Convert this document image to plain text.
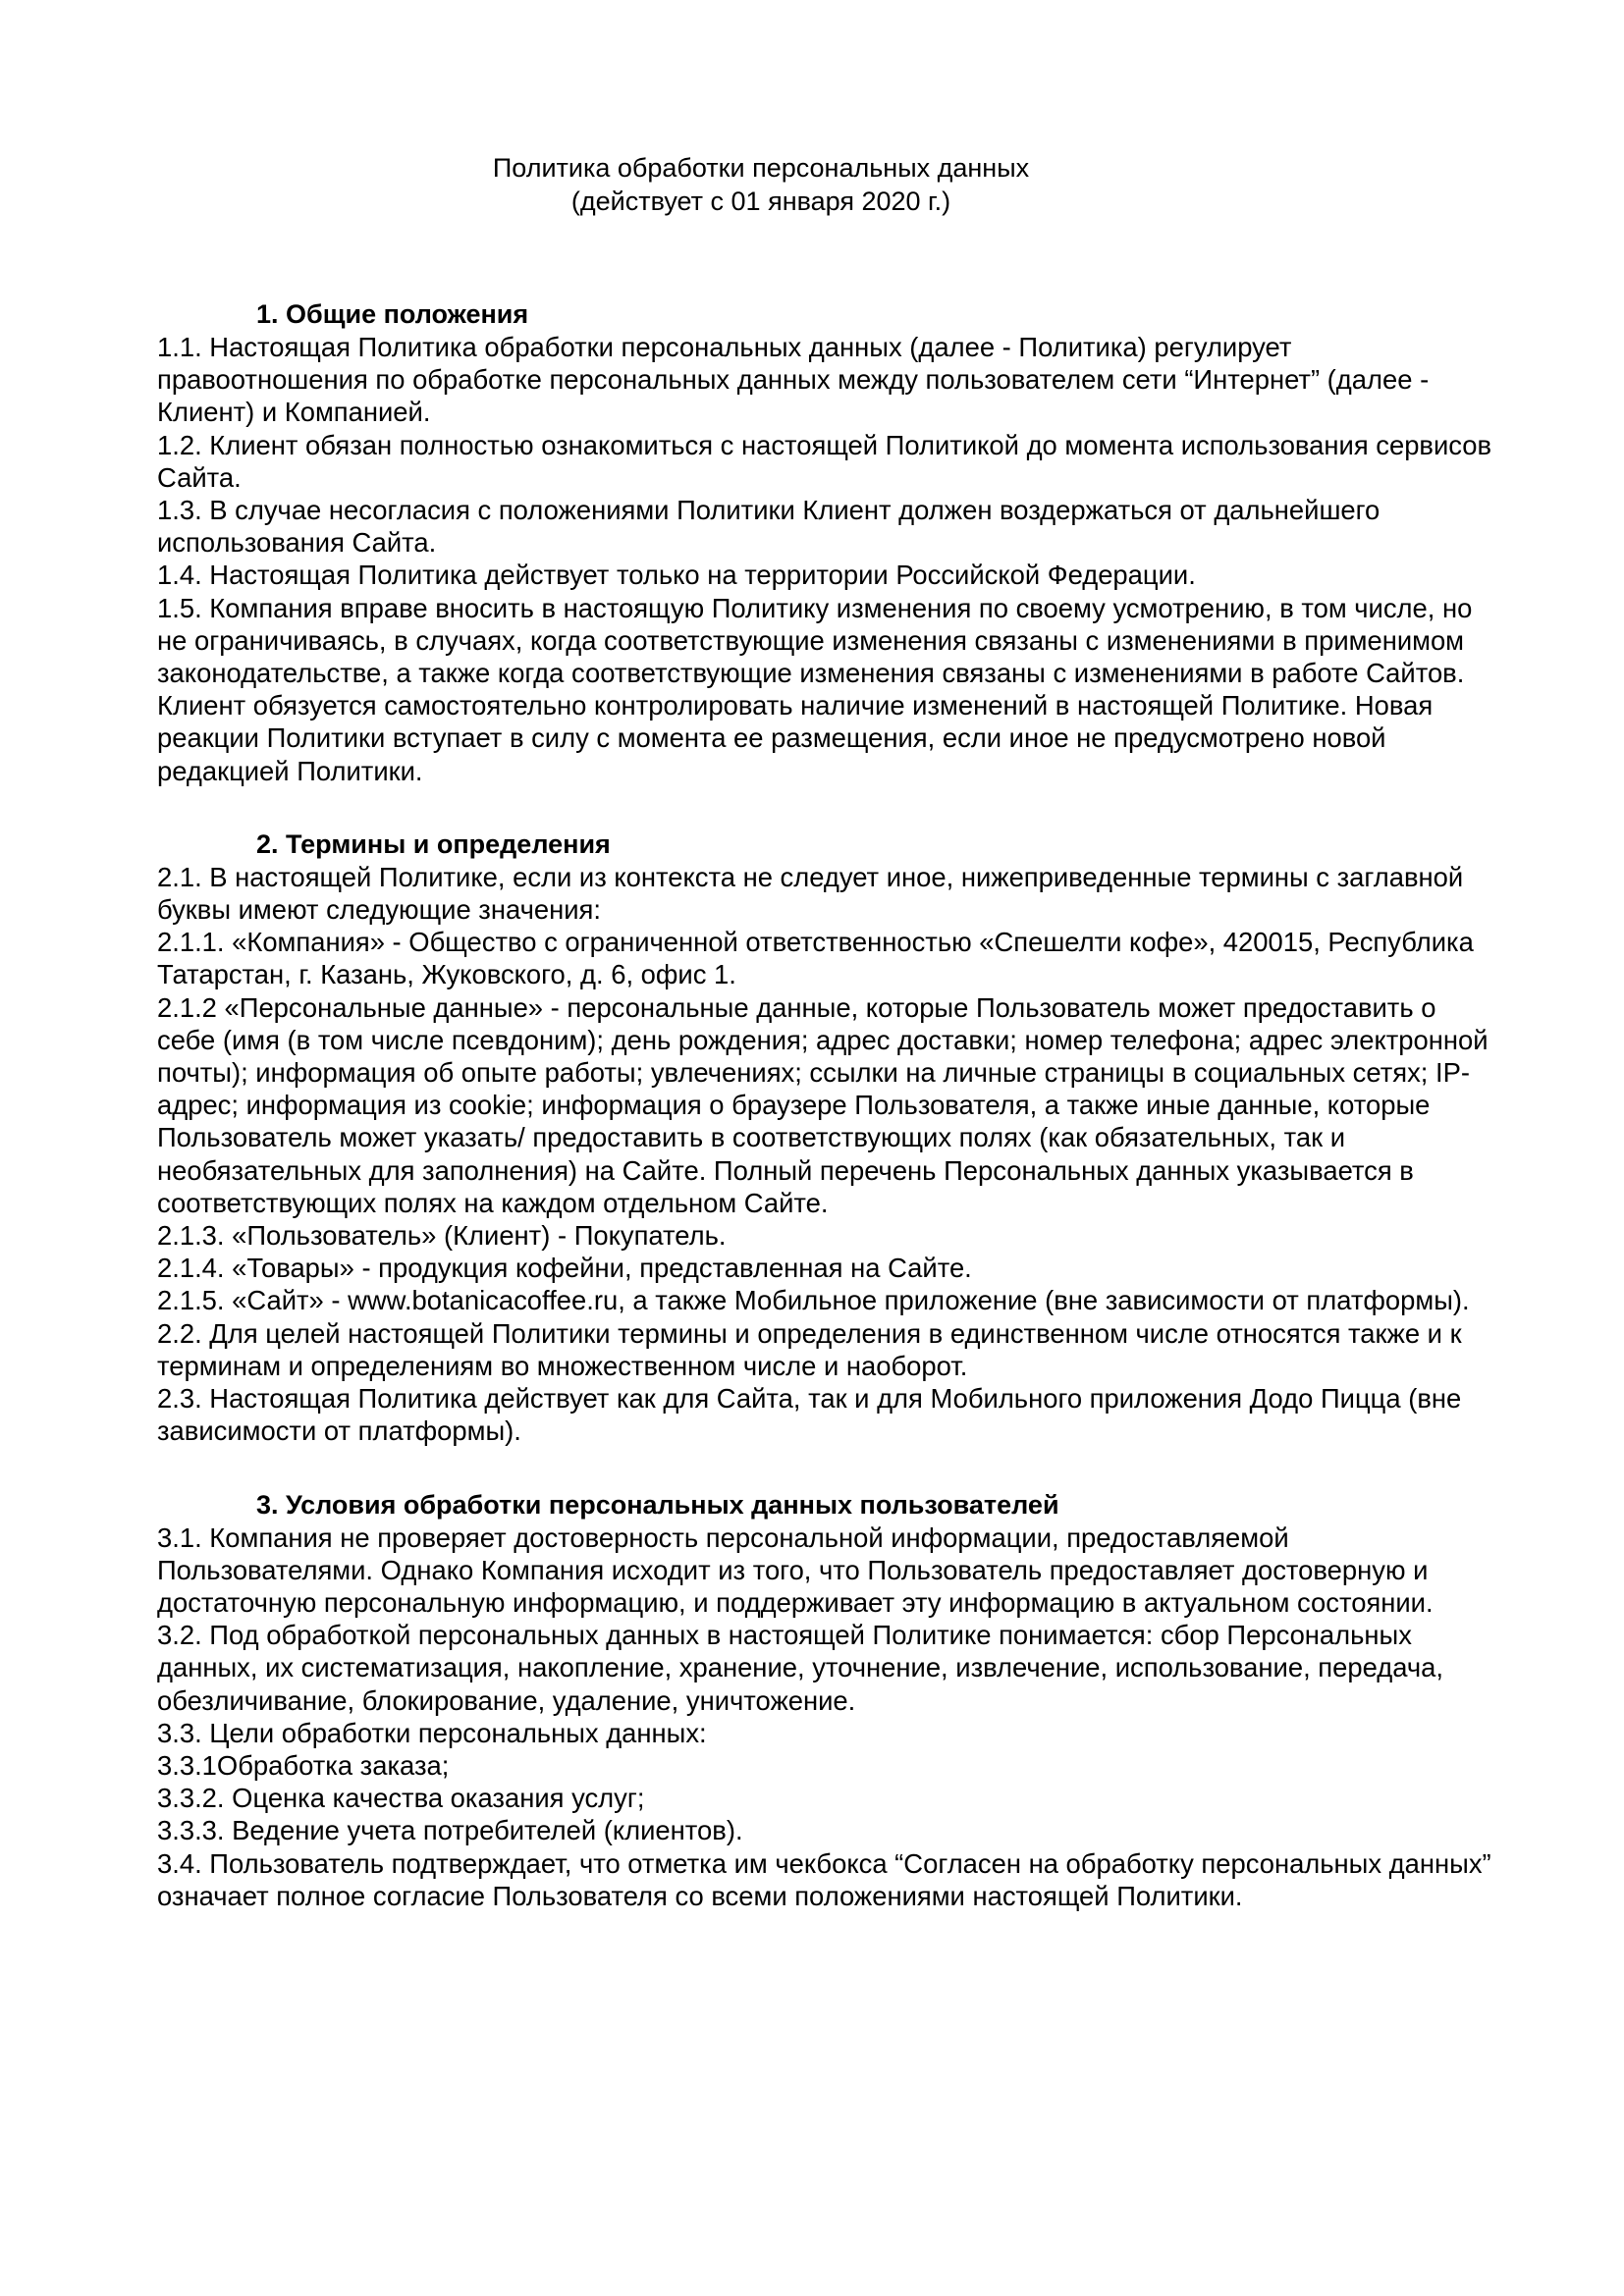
Политика обработки персональных данных

(действует с 01 января 2020 г.)

1. Общие положения

1.1. Настоящая Политика обработки персональных данных (далее - Политика) регулирует правоотношения по обработке персональных данных между пользователем сети “Интернет” (далее - Клиент) и Компанией.

1.2. Клиент обязан полностью ознакомиться с настоящей Политикой до момента использования сервисов Сайта.

1.3. В случае несогласия с положениями Политики Клиент должен воздержаться от дальнейшего использования Сайта.

1.4. Настоящая Политика действует только на территории Российской Федерации.

1.5. Компания вправе вносить в настоящую Политику изменения по своему усмотрению, в том числе, но не ограничиваясь, в случаях, когда соответствующие изменения связаны с изменениями в применимом законодательстве, а также когда соответствующие изменения связаны с изменениями в работе Сайтов. Клиент обязуется самостоятельно контролировать наличие изменений в настоящей Политике. Новая реакции Политики вступает в силу с момента ее размещения, если иное не предусмотрено новой редакцией Политики.

2. Термины и определения

2.1. В настоящей Политике, если из контекста не следует иное, нижеприведенные термины с заглавной буквы имеют следующие значения:

2.1.1. «Компания» - Общество с ограниченной ответственностью «Спешелти кофе», 420015, Республика Татарстан, г. Казань, Жуковского, д. 6, офис 1.

2.1.2 «Персональные данные» - персональные данные, которые Пользователь может предоставить о себе (имя (в том числе псевдоним); день рождения; адрес доставки; номер телефона; адрес электронной почты); информация об опыте работы; увлечениях; ссылки на личные страницы в социальных сетях; IP-адрес; информация из cookie; информация о браузере Пользователя, а также иные данные, которые Пользователь может указать/ предоставить в соответствующих полях (как обязательных, так и необязательных для заполнения) на Сайте. Полный перечень Персональных данных указывается в соответствующих полях на каждом отдельном Сайте.

2.1.3. «Пользователь» (Клиент) - Покупатель.

2.1.4. «Товары» - продукция кофейни, представленная на Сайте.

2.1.5. «Сайт» - www.botanicacoffee.ru, а также Мобильное приложение (вне зависимости от платформы).

2.2. Для целей настоящей Политики термины и определения в единственном числе относятся также и к терминам и определениям во множественном числе и наоборот.

2.3. Настоящая Политика действует как для Сайта, так и для Мобильного приложения Додо Пицца (вне зависимости от платформы).

3. Условия обработки персональных данных пользователей

3.1. Компания не проверяет достоверность персональной информации, предоставляемой Пользователями. Однако Компания исходит из того, что Пользователь предоставляет достоверную и достаточную персональную информацию, и поддерживает эту информацию в актуальном состоянии.

3.2. Под обработкой персональных данных в настоящей Политике понимается: сбор Персональных данных, их систематизация, накопление, хранение, уточнение, извлечение, использование, передача, обезличивание, блокирование, удаление, уничтожение.

3.3. Цели обработки персональных данных:

3.3.1Обработка заказа;

3.3.2. Оценка качества оказания услуг;

3.3.3. Ведение учета потребителей (клиентов).

3.4. Пользователь подтверждает, что отметка им чекбокса “Согласен на обработку персональных данных” означает полное согласие Пользователя со всеми положениями настоящей Политики.
